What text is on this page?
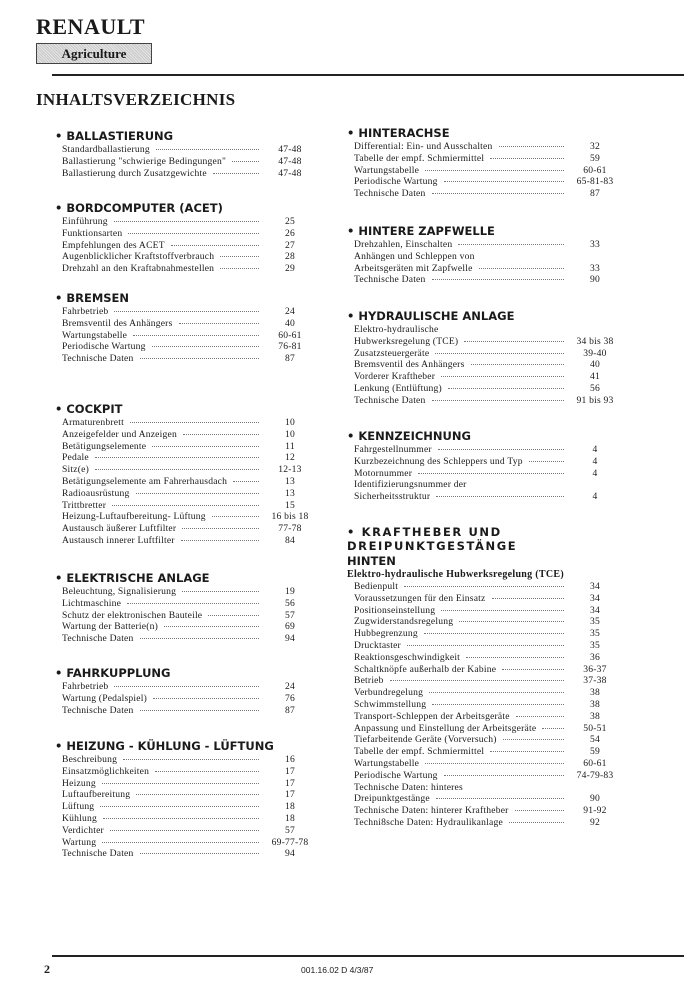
RENAULT
Agriculture
INHALTSVERZEICHNIS
• BALLASTIERUNG
Standardballastierung	47-48
Ballastierung "schwierige Bedingungen"	47-48
Ballastierung durch Zusatzgewichte	47-48
• BORDCOMPUTER (ACET)
Einführung	25
Funktionsarten	26
Empfehlungen des ACET	27
Augenblicklicher Kraftstoffverbrauch	28
Drehzahl an den Kraftabnahmestellen	29
• BREMSEN
Fahrbetrieb	24
Bremsventil des Anhängers	40
Wartungstabelle	60-61
Periodische Wartung	76-81
Technische Daten	87
• COCKPIT
Armaturenbrett	10
Anzeigefelder und Anzeigen	10
Betätigungselemente	11
Pedale	12
Sitz(e)	12-13
Betätigungselemente am Fahrerhausdach	13
Radioausrüstung	13
Trittbretter	15
Heizung-Luftaufbereitung- Lüftung	16 bis 18
Austausch äußerer Luftfilter	77-78
Austausch innerer Luftfilter	84
• ELEKTRISCHE ANLAGE
Beleuchtung, Signalisierung	19
Lichtmaschine	56
Schutz der elektronischen Bauteile	57
Wartung der Batterie(n)	69
Technische Daten	94
• FAHRKUPPLUNG
Fahrbetrieb	24
Wartung (Pedalspiel)	76
Technische Daten	87
• HEIZUNG - KÜHLUNG - LÜFTUNG
Beschreibung	16
Einsatzmöglichkeiten	17
Heizung	17
Luftaufbereitung	17
Lüftung	18
Kühlung	18
Verdichter	57
Wartung	69-77-78
Technische Daten	94
• HINTERACHSE
Differential: Ein- und Ausschalten	32
Tabelle der empf. Schmiermittel	59
Wartungstabelle	60-61
Periodische Wartung	65-81-83
Technische Daten	87
• HINTERE ZAPFWELLE
Drehzahlen, Einschalten	33
Anhängen und Schleppen von
Arbeitsgeräten mit Zapfwelle	33
Technische Daten	90
• HYDRAULISCHE ANLAGE
Elektro-hydraulische
Hubwerksregelung (TCE)	34 bis 38
Zusatzsteuergeräte	39-40
Bremsventil des Anhängers	40
Vorderer Kraftheber	41
Lenkung (Entlüftung)	56
Technische Daten	91 bis 93
• KENNZEICHNUNG
Fahrgestellnummer	4
Kurzbezeichnung des Schleppers und Typ	4
Motornummer	4
Identifizierungsnummer der
Sicherheitsstruktur	4
• KRAFTHEBER UND DREIPUNKTGESTÄNGE
HINTEN
Elektro-hydraulische Hubwerksregelung (TCE)
Bedienpult	34
Voraussetzungen für den Einsatz	34
Positionseinstellung	34
Zugwiderstandsregelung	35
Hubbegrenzung	35
Drucktaster	35
Reaktionsgeschwindigkeit	36
Schaltknöpfe außerhalb der Kabine	36-37
Betrieb	37-38
Verbundregelung	38
Schwimmstellung	38
Transport-Schleppen der Arbeitsgeräte	38
Anpassung und Einstellung der Arbeitsgeräte	50-51
Tiefarbeitende Geräte (Vorversuch)	54
Tabelle der empf. Schmiermittel	59
Wartungstabelle	60-61
Periodische Wartung	74-79-83
Technische Daten: hinteres
Dreipunktgestänge	90
Technische Daten: hinterer Kraftheber	91-92
Techni8sche Daten: Hydraulikanlage	92
2	001.16.02 D 4/3/87
